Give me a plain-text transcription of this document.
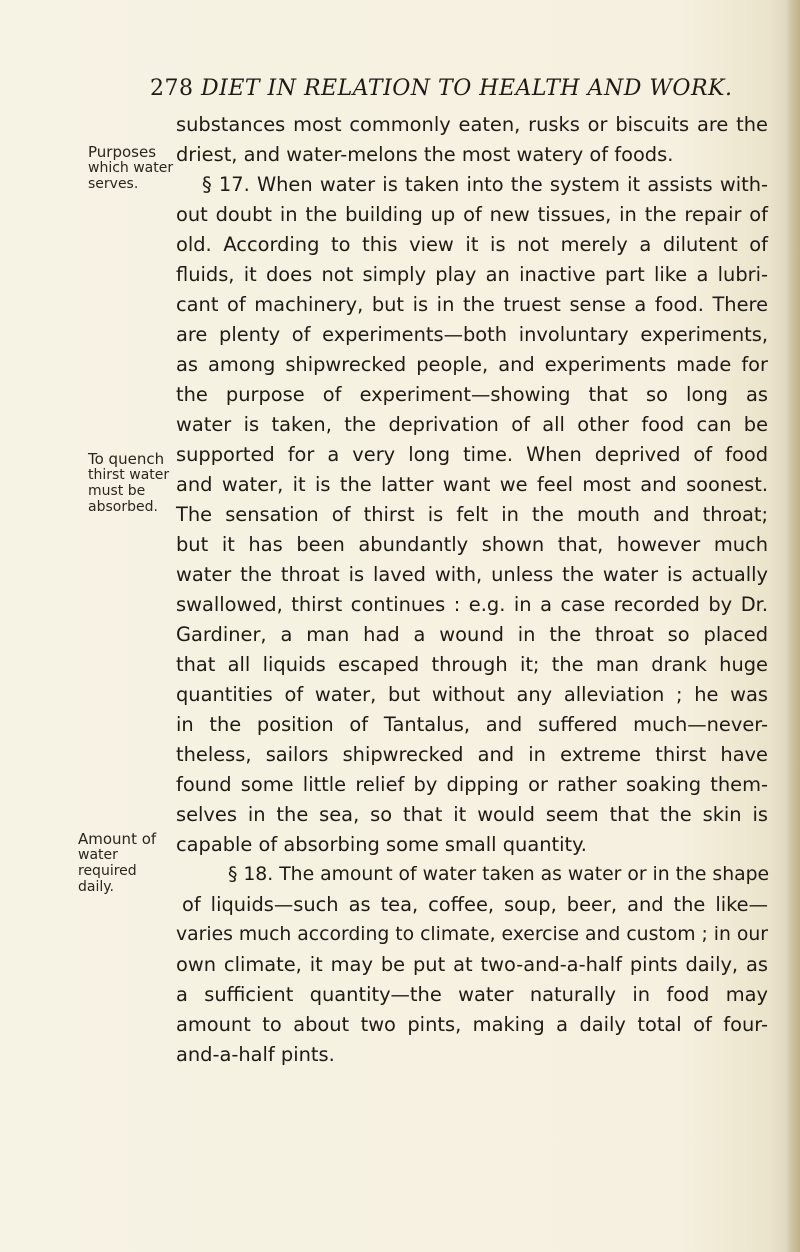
278 DIET IN RELATION TO HEALTH AND WORK.
Purposes
which water
serves.
To quench
thirst water
must be
absorbed.
Amount of
water required
daily.
substances most commonly eaten, rusks or biscuits are the
driest, and water-melons the most watery of foods.
§ 17. When water is taken into the system it assists with-
out doubt in the building up of new tissues, in the repair of
old. According to this view it is not merely a dilutent of
fluids, it does not simply play an inactive part like a lubri-
cant of machinery, but is in the truest sense a food. There
are plenty of experiments—both involuntary experiments,
as among shipwrecked people, and experiments made for
the purpose of experiment—showing that so long as
water is taken, the deprivation of all other food can be
supported for a very long time. When deprived of food
and water, it is the latter want we feel most and soonest.
The sensation of thirst is felt in the mouth and throat;
but it has been abundantly shown that, however much
water the throat is laved with, unless the water is actually
swallowed, thirst continues : e.g. in a case recorded by Dr.
Gardiner, a man had a wound in the throat so placed
that all liquids escaped through it; the man drank huge
quantities of water, but without any alleviation ; he was
in the position of Tantalus, and suffered much—never-
theless, sailors shipwrecked and in extreme thirst have
found some little relief by dipping or rather soaking them-
selves in the sea, so that it would seem that the skin is
capable of absorbing some small quantity.
§ 18. The amount of water taken as water or in the shape
of liquids—such as tea, coffee, soup, beer, and the like—
varies much according to climate, exercise and custom ; in our
own climate, it may be put at two-and-a-half pints daily, as
a sufficient quantity—the water naturally in food may
amount to about two pints, making a daily total of four-
and-a-half pints.
